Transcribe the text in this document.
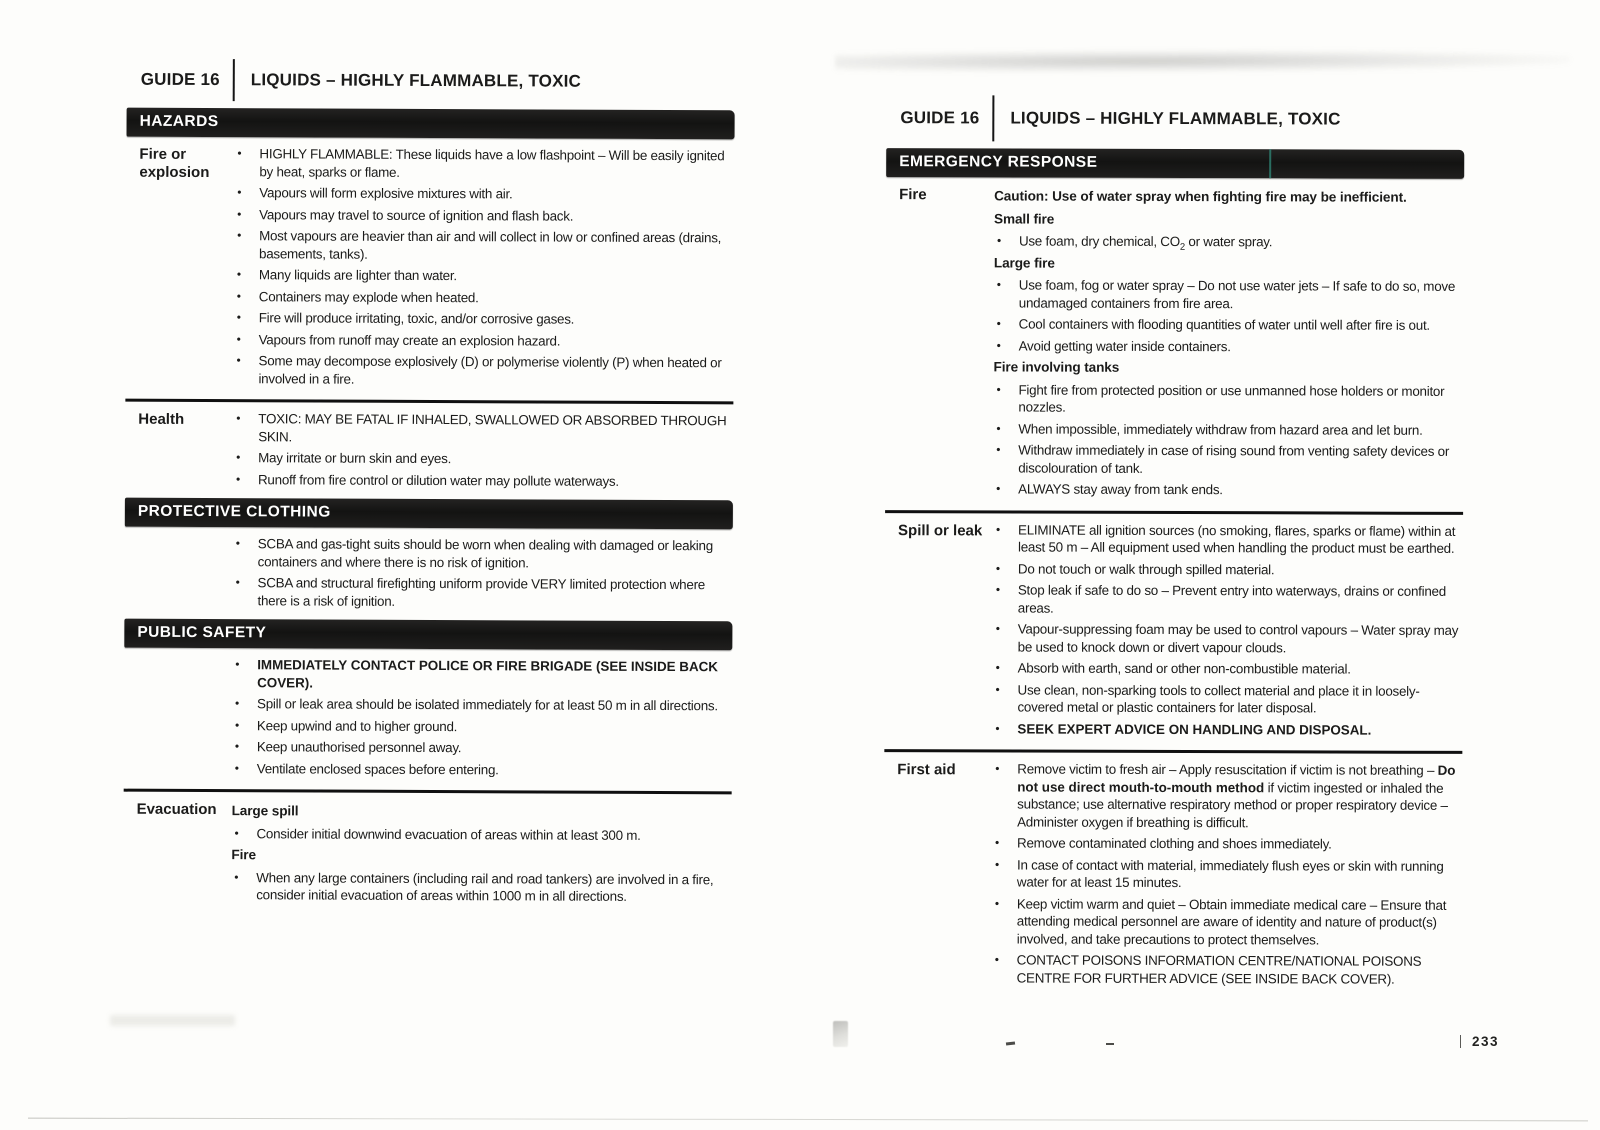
GUIDE 16 LIQUIDS – HIGHLY FLAMMABLE, TOXIC
HAZARDS
Fire or explosion
•	HIGHLY FLAMMABLE: These liquids have a low flashpoint – Will be easily ignited by heat, sparks or flame.
•	Vapours will form explosive mixtures with air.
•	Vapours may travel to source of ignition and flash back.
•	Most vapours are heavier than air and will collect in low or confined areas (drains, basements, tanks).
•	Many liquids are lighter than water.
•	Containers may explode when heated.
•	Fire will produce irritating, toxic, and/or corrosive gases.
•	Vapours from runoff may create an explosion hazard.
•	Some may decompose explosively (D) or polymerise violently (P) when heated or involved in a fire.
Health	•	TOXIC: MAY BE FATAL IF INHALED, SWALLOWED OR ABSORBED THROUGH SKIN.
•	May irritate or burn skin and eyes.
•	Runoff from fire control or dilution water may pollute waterways.
PROTECTIVE CLOTHING
•	SCBA and gas-tight suits should be worn when dealing with damaged or leaking containers and where there is no risk of ignition.
•	SCBA and structural firefighting uniform provide VERY limited protection where there is a risk of ignition.
PUBLIC SAFETY
•	IMMEDIATELY CONTACT POLICE OR FIRE BRIGADE (SEE INSIDE BACK COVER).
•	Spill or leak area should be isolated immediately for at least 50 m in all directions.
•	Keep upwind and to higher ground.
•	Keep unauthorised personnel away.
•	Ventilate enclosed spaces before entering.
Evacuation	Large spill
•	Consider initial downwind evacuation of areas within at least 300 m.
Fire
•	When any large containers (including rail and road tankers) are involved in a fire, consider initial evacuation of areas within 1000 m in all directions.
GUIDE 16 LIQUIDS – HIGHLY FLAMMABLE, TOXIC
EMERGENCY RESPONSE
Fire	Caution: Use of water spray when fighting fire may be inefficient.
Small fire
•	Use foam, dry chemical, $CO_2$ or water spray.
Large fire
•	Use foam, fog or water spray – Do not use water jets – If safe to do so, move undamaged containers from fire area.
•	Cool containers with flooding quantities of water until well after fire is out.
•	Avoid getting water inside containers.
Fire involving tanks
•	Fight fire from protected position or use unmanned hose holders or monitor nozzles.
•	When impossible, immediately withdraw from hazard area and let burn.
•	Withdraw immediately in case of rising sound from venting safety devices or discolouration of tank.
•	ALWAYS stay away from tank ends.
Spill or leak	•	ELIMINATE all ignition sources (no smoking, flares, sparks or flame) within at least 50 m – All equipment used when handling the product must be earthed.
•	Do not touch or walk through spilled material.
•	Stop leak if safe to do so – Prevent entry into waterways, drains or confined areas.
•	Vapour-suppressing foam may be used to control vapours – Water spray may be used to knock down or divert vapour clouds.
•	Absorb with earth, sand or other non-combustible material.
•	Use clean, non-sparking tools to collect material and place it in loosely-covered metal or plastic containers for later disposal.
•	SEEK EXPERT ADVICE ON HANDLING AND DISPOSAL.
First aid	•	Remove victim to fresh air – Apply resuscitation if victim is not breathing – Do not use direct mouth-to-mouth method if victim ingested or inhaled the substance; use alternative respiratory method or proper respiratory device – Administer oxygen if breathing is difficult.
•	Remove contaminated clothing and shoes immediately.
•	In case of contact with material, immediately flush eyes or skin with running water for at least 15 minutes.
•	Keep victim warm and quiet – Obtain immediate medical care – Ensure that attending medical personnel are aware of identity and nature of product(s) involved, and take precautions to protect themselves.
•	CONTACT POISONS INFORMATION CENTRE/NATIONAL POISONS CENTRE FOR FURTHER ADVICE (SEE INSIDE BACK COVER).
233
